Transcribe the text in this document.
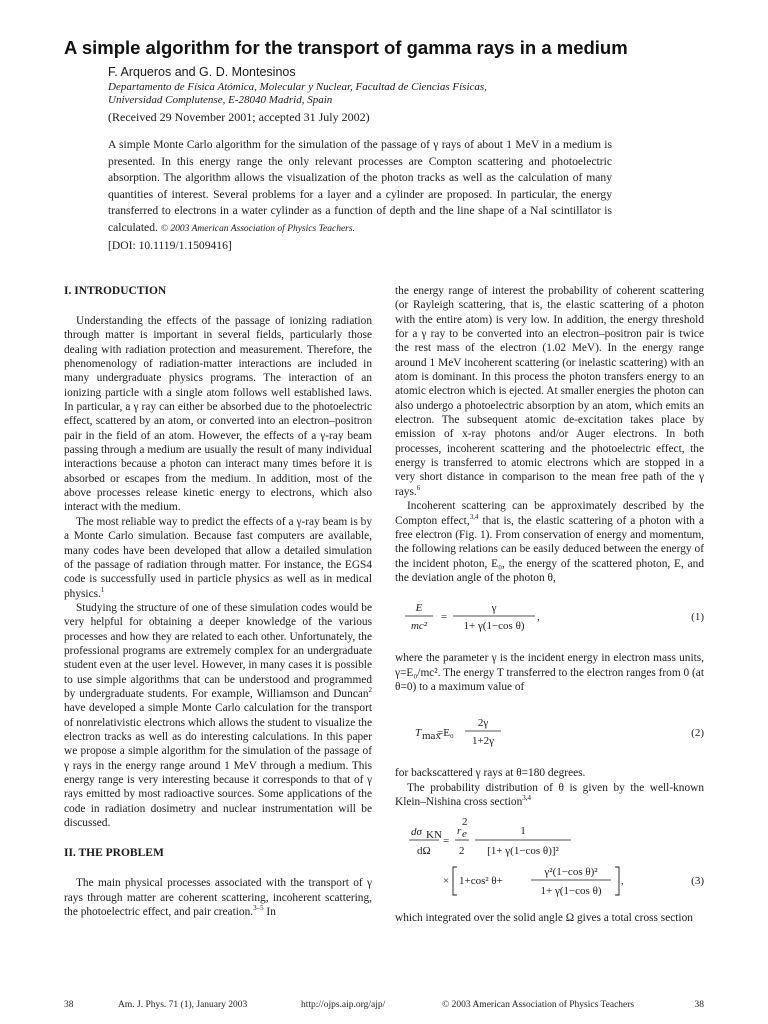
A simple algorithm for the transport of gamma rays in a medium
F. Arqueros and G. D. Montesinos
Departamento de Física Atómica, Molecular y Nuclear, Facultad de Ciencias Físicas,
Universidad Complutense, E-28040 Madrid, Spain
(Received 29 November 2001; accepted 31 July 2002)

A simple Monte Carlo algorithm for the simulation of the passage of γ rays of about 1 MeV in a medium is presented. In this energy range the only relevant processes are Compton scattering and photoelectric absorption. The algorithm allows the visualization of the photon tracks as well as the calculation of many quantities of interest. Several problems for a layer and a cylinder are proposed. In particular, the energy transferred to electrons in a water cylinder as a function of depth and the line shape of a NaI scintillator is calculated. © 2003 American Association of Physics Teachers.
[DOI: 10.1119/1.1509416]

I. INTRODUCTION

Understanding the effects of the passage of ionizing radiation through matter is important in several fields, particularly those dealing with radiation protection and measurement. Therefore, the phenomenology of radiation-matter interactions are included in many undergraduate physics programs. The interaction of an ionizing particle with a single atom follows well established laws. In particular, a γ ray can either be absorbed due to the photoelectric effect, scattered by an atom, or converted into an electron–positron pair in the field of an atom. However, the effects of a γ-ray beam passing through a medium are usually the result of many individual interactions because a photon can interact many times before it is absorbed or escapes from the medium. In addition, most of the above processes release kinetic energy to electrons, which also interact with the medium.

The most reliable way to predict the effects of a γ-ray beam is by a Monte Carlo simulation. Because fast computers are available, many codes have been developed that allow a detailed simulation of the passage of radiation through matter. For instance, the EGS4 code is successfully used in particle physics as well as in medical physics.$^1$

Studying the structure of one of these simulation codes would be very helpful for obtaining a deeper knowledge of the various processes and how they are related to each other. Unfortunately, the professional programs are extremely complex for an undergraduate student even at the user level. However, in many cases it is possible to use simple algorithms that can be understood and programmed by undergraduate students. For example, Williamson and Duncan$^2$ have developed a simple Monte Carlo calculation for the transport of nonrelativistic electrons which allows the student to visualize the electron tracks as well as do interesting calculations. In this paper we propose a simple algorithm for the simulation of the passage of γ rays in the energy range around 1 MeV through a medium. This energy range is very interesting because it corresponds to that of γ rays emitted by most radioactive sources. Some applications of the code in radiation dosimetry and nuclear instrumentation will be discussed.

II. THE PROBLEM

The main physical processes associated with the transport of γ rays through matter are coherent scattering, incoherent scattering, the photoelectric effect, and pair creation.$^{3-5}$ In

the energy range of interest the probability of coherent scattering (or Rayleigh scattering, that is, the elastic scattering of a photon with the entire atom) is very low. In addition, the energy threshold for a γ ray to be converted into an electron–positron pair is twice the rest mass of the electron (1.02 MeV). In the energy range around 1 MeV incoherent scattering (or inelastic scattering) with an atom is dominant. In this process the photon transfers energy to an atomic electron which is ejected. At smaller energies the photon can also undergo a photoelectric absorption by an atom, which emits an electron. The subsequent atomic de-excitation takes place by emission of x-ray photons and/or Auger electrons. In both processes, incoherent scattering and the photoelectric effect, the energy is transferred to atomic electrons which are stopped in a very short distance in comparison to the mean free path of the γ rays.$^6$

Incoherent scattering can be approximately described by the Compton effect,$^{3,4}$ that is, the elastic scattering of a photon with a free electron (Fig. 1). From conservation of energy and momentum, the following relations can be easily deduced between the energy of the incident photon, E₀, the energy of the scattered photon, E, and the deviation angle of the photon θ,

E
mc²
=
γ
1+ γ(1−cos θ)
,	(1)

where the parameter γ is the incident energy in electron mass units, γ=E₀/mc². The energy T transferred to the electron ranges from 0 (at θ=0) to a maximum value of

T max
=E₀
2γ
1+2γ
(2)

for backscattered γ rays at θ=180 degrees.

The probability distribution of θ is given by the well-known Klein–Nishina cross section$^{3,4}$

dσ KN
dΩ
=
r e
2
2
1
[1+ γ(1−cos θ)]²
× 1+cos² θ+
γ²(1−cos θ)²
1+ γ(1−cos θ)
,	(3)

which integrated over the solid angle Ω gives a total cross section

38	Am. J. Phys. 71 (1), January 2003	http://ojps.aip.org/ajp/	© 2003 American Association of Physics Teachers	38
